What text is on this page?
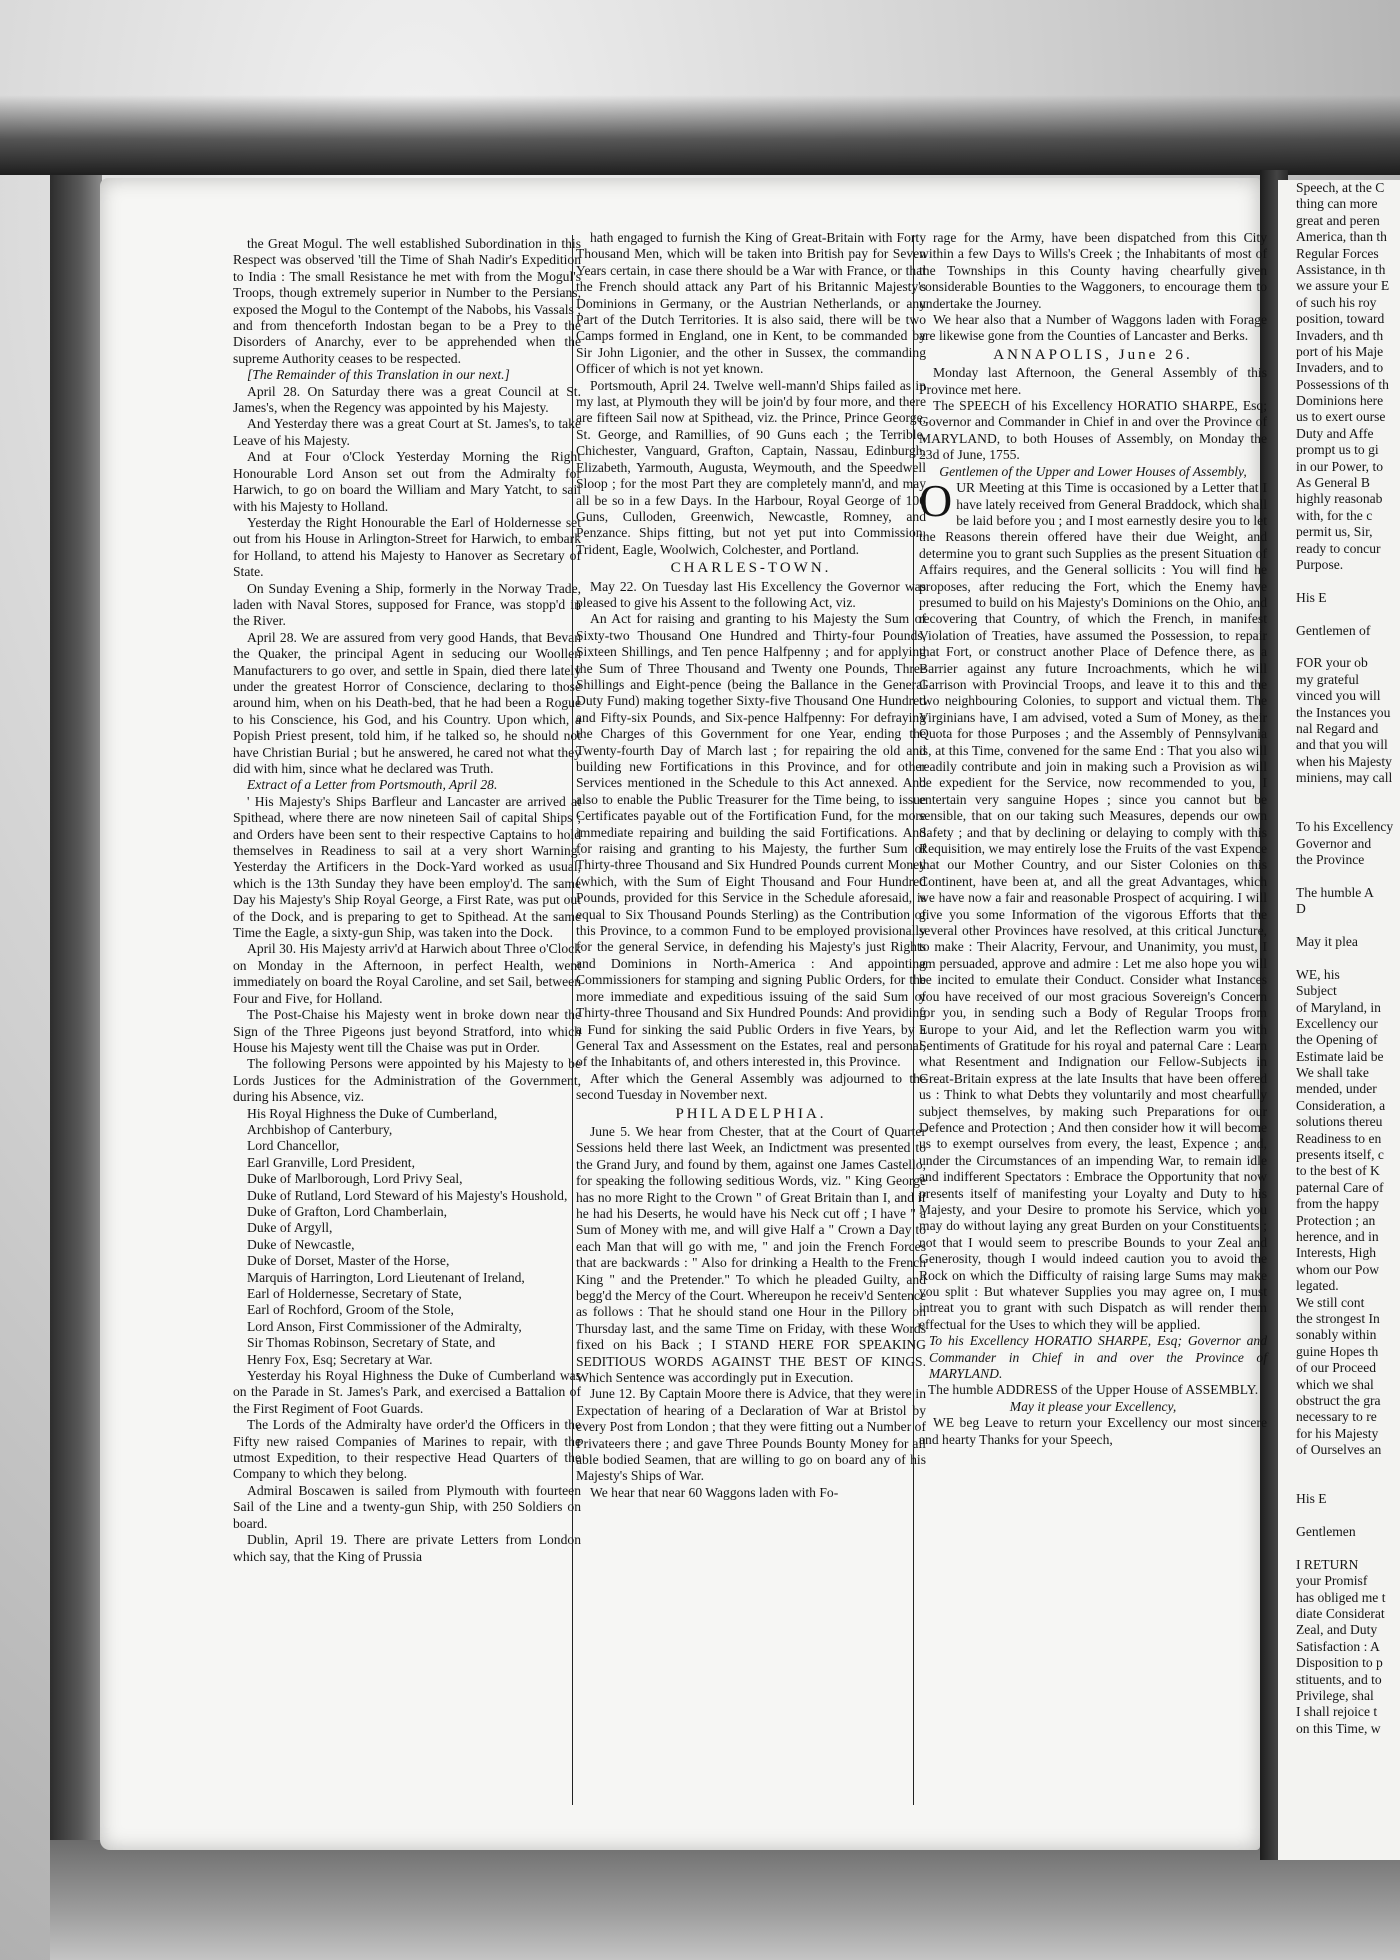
Speech, at the C
thing can more
great and peren
America, than th
Regular Forces
Assistance, in th
we assure your E
of such his roy
position, toward
Invaders, and th
port of his Maje
Invaders, and to
Possessions of th
Dominions here
us to exert ourse
Duty and Affe
prompt us to gi
in our Power, to
As General B
highly reasonab
with, for the c
permit us, Sir,
ready to concur
Purpose.
His E
Gentlemen of
FOR your ob
my grateful
vinced you will
the Instances you
nal Regard and
and that you will
when his Majesty
miniens, may call
To his Excellency
Governor and
the Province
The humble A
D
May it plea
WE, his
Subject
of Maryland, in
Excellency our
the Opening of
Estimate laid be
We shall take
mended, under
Consideration, a
solutions thereu
Readiness to en
presents itself, c
to the best of K
paternal Care of
from the happy
Protection ; an
herence, and in
Interests, High
whom our Pow
legated.
We still cont
the strongest In
sonably within
guine Hopes th
of our Proceed
which we shal
obstruct the gra
necessary to re
for his Majesty
of Ourselves an
His E
Gentlemen
I RETURN
your Promisf
has obliged me t
diate Considerat
Zeal, and Duty
Satisfaction : A
Disposition to p
stituents, and to
Privilege, shal
I shall rejoice t
on this Time, w

the Great Mogul. The well established Subordination in this Respect was observed 'till the Time of Shah Nadir's Expedition to India : The small Resistance he met with from the Mogul's Troops, though extremely superior in Number to the Persians, exposed the Mogul to the Contempt of the Nabobs, his Vassals ; and from thenceforth Indostan began to be a Prey to the Disorders of Anarchy, ever to be apprehended when the supreme Authority ceases to be respected.

[The Remainder of this Translation in our next.]

April 28. On Saturday there was a great Council at St. James's, when the Regency was appointed by his Majesty.

And Yesterday there was a great Court at St. James's, to take Leave of his Majesty.

And at Four o'Clock Yesterday Morning the Right Honourable Lord Anson set out from the Admiralty for Harwich, to go on board the William and Mary Yatcht, to sail with his Majesty to Holland.

Yesterday the Right Honourable the Earl of Holdernesse set out from his House in Arlington-Street for Harwich, to embark for Holland, to attend his Majesty to Hanover as Secretary of State.

On Sunday Evening a Ship, formerly in the Norway Trade, laden with Naval Stores, supposed for France, was stopp'd in the River.

April 28. We are assured from very good Hands, that Bevan the Quaker, the principal Agent in seducing our Woollen Manufacturers to go over, and settle in Spain, died there lately under the greatest Horror of Conscience, declaring to those around him, when on his Death-bed, that he had been a Rogue to his Conscience, his God, and his Country. Upon which, a Popish Priest present, told him, if he talked so, he should not have Christian Burial ; but he answered, he cared not what they did with him, since what he declared was Truth.

Extract of a Letter from Portsmouth, April 28.

' His Majesty's Ships Barfleur and Lancaster are arrived at Spithead, where there are now nineteen Sail of capital Ships ; and Orders have been sent to their respective Captains to hold themselves in Readiness to sail at a very short Warning. Yesterday the Artificers in the Dock-Yard worked as usual, which is the 13th Sunday they have been employ'd. The same Day his Majesty's Ship Royal George, a First Rate, was put out of the Dock, and is preparing to get to Spithead. At the same Time the Eagle, a sixty-gun Ship, was taken into the Dock.

April 30. His Majesty arriv'd at Harwich about Three o'Clock on Monday in the Afternoon, in perfect Health, went immediately on board the Royal Caroline, and set Sail, between Four and Five, for Holland.

The Post-Chaise his Majesty went in broke down near the Sign of the Three Pigeons just beyond Stratford, into which House his Majesty went till the Chaise was put in Order.

The following Persons were appointed by his Majesty to be Lords Justices for the Administration of the Government, during his Absence, viz.

His Royal Highness the Duke of Cumberland,

Archbishop of Canterbury,

Lord Chancellor,

Earl Granville, Lord President,

Duke of Marlborough, Lord Privy Seal,

Duke of Rutland, Lord Steward of his Majesty's Houshold,

Duke of Grafton, Lord Chamberlain,

Duke of Argyll,

Duke of Newcastle,

Duke of Dorset, Master of the Horse,

Marquis of Harrington, Lord Lieutenant of Ireland,

Earl of Holdernesse, Secretary of State,

Earl of Rochford, Groom of the Stole,

Lord Anson, First Commissioner of the Admiralty,

Sir Thomas Robinson, Secretary of State, and

Henry Fox, Esq; Secretary at War.

Yesterday his Royal Highness the Duke of Cumberland was on the Parade in St. James's Park, and exercised a Battalion of the First Regiment of Foot Guards.

The Lords of the Admiralty have order'd the Officers in the Fifty new raised Companies of Marines to repair, with the utmost Expedition, to their respective Head Quarters of the Company to which they belong.

Admiral Boscawen is sailed from Plymouth with fourteen Sail of the Line and a twenty-gun Ship, with 250 Soldiers on board.

Dublin, April 19. There are private Letters from London which say, that the King of Prussia

hath engaged to furnish the King of Great-Britain with Forty Thousand Men, which will be taken into British pay for Seven Years certain, in case there should be a War with France, or that the French should attack any Part of his Britannic Majesty's Dominions in Germany, or the Austrian Netherlands, or any Part of the Dutch Territories. It is also said, there will be two Camps formed in England, one in Kent, to be commanded by Sir John Ligonier, and the other in Sussex, the commanding Officer of which is not yet known.

Portsmouth, April 24. Twelve well-mann'd Ships failed as in my last, at Plymouth they will be join'd by four more, and there are fifteen Sail now at Spithead, viz. the Prince, Prince George, St. George, and Ramillies, of 90 Guns each ; the Terrible, Chichester, Vanguard, Grafton, Captain, Nassau, Edinburgh, Elizabeth, Yarmouth, Augusta, Weymouth, and the Speedwell Sloop ; for the most Part they are completely mann'd, and may all be so in a few Days. In the Harbour, Royal George of 100 Guns, Culloden, Greenwich, Newcastle, Romney, and Penzance. Ships fitting, but not yet put into Commission, Trident, Eagle, Woolwich, Colchester, and Portland.

CHARLES-TOWN.

May 22. On Tuesday last His Excellency the Governor was pleased to give his Assent to the following Act, viz.

An Act for raising and granting to his Majesty the Sum of Sixty-two Thousand One Hundred and Thirty-four Pounds, Sixteen Shillings, and Ten pence Halfpenny ; and for applying the Sum of Three Thousand and Twenty one Pounds, Three Shillings and Eight-pence (being the Ballance in the General Duty Fund) making together Sixty-five Thousand One Hundred and Fifty-six Pounds, and Six-pence Halfpenny: For defraying the Charges of this Government for one Year, ending the Twenty-fourth Day of March last ; for repairing the old and building new Fortifications in this Province, and for other Services mentioned in the Schedule to this Act annexed. And also to enable the Public Treasurer for the Time being, to issue Certificates payable out of the Fortification Fund, for the more immediate repairing and building the said Fortifications. And for raising and granting to his Majesty, the further Sum of Thirty-three Thousand and Six Hundred Pounds current Money (which, with the Sum of Eight Thousand and Four Hundred Pounds, provided for this Service in the Schedule aforesaid, is equal to Six Thousand Pounds Sterling) as the Contribution of this Province, to a common Fund to be employed provisionally for the general Service, in defending his Majesty's just Rights and Dominions in North-America : And appointing Commissioners for stamping and signing Public Orders, for the more immediate and expeditious issuing of the said Sum of Thirty-three Thousand and Six Hundred Pounds: And providing a Fund for sinking the said Public Orders in five Years, by a General Tax and Assessment on the Estates, real and personal, of the Inhabitants of, and others interested in, this Province.

After which the General Assembly was adjourned to the second Tuesday in November next.

PHILADELPHIA.

June 5. We hear from Chester, that at the Court of Quarter Sessions held there last Week, an Indictment was presented to the Grand Jury, and found by them, against one James Castello, for speaking the following seditious Words, viz. " King George has no more Right to the Crown " of Great Britain than I, and if he had his Deserts, he would have his Neck cut off ; I have " a Sum of Money with me, and will give Half a " Crown a Day to each Man that will go with me, " and join the French Forces that are backwards : " Also for drinking a Health to the French King " and the Pretender." To which he pleaded Guilty, and begg'd the Mercy of the Court. Whereupon he receiv'd Sentence as follows : That he should stand one Hour in the Pillory on Thursday last, and the same Time on Friday, with these Words fixed on his Back ; I STAND HERE FOR SPEAKING SEDITIOUS WORDS AGAINST THE BEST OF KINGS. Which Sentence was accordingly put in Execution.

June 12. By Captain Moore there is Advice, that they were in Expectation of hearing of a Declaration of War at Bristol by every Post from London ; that they were fitting out a Number of Privateers there ; and gave Three Pounds Bounty Money for all able bodied Seamen, that are willing to go on board any of his Majesty's Ships of War.

We hear that near 60 Waggons laden with Fo-

rage for the Army, have been dispatched from this City within a few Days to Wills's Creek ; the Inhabitants of most of the Townships in this County having chearfully given considerable Bounties to the Waggoners, to encourage them to undertake the Journey.

We hear also that a Number of Waggons laden with Forage are likewise gone from the Counties of Lancaster and Berks.

ANNAPOLIS, June 26.

Monday last Afternoon, the General Assembly of this Province met here.

The SPEECH of his Excellency HORATIO SHARPE, Esq; Governor and Commander in Chief in and over the Province of MARYLAND, to both Houses of Assembly, on Monday the 23d of June, 1755.

Gentlemen of the Upper and Lower Houses of Assembly,

OUR Meeting at this Time is occasioned by a Letter that I have lately received from General Braddock, which shall be laid before you ; and I most earnestly desire you to let the Reasons therein offered have their due Weight, and determine you to grant such Supplies as the present Situation of Affairs requires, and the General sollicits : You will find he proposes, after reducing the Fort, which the Enemy have presumed to build on his Majesty's Dominions on the Ohio, and recovering that Country, of which the French, in manifest Violation of Treaties, have assumed the Possession, to repair that Fort, or construct another Place of Defence there, as a Barrier against any future Incroachments, which he will Garrison with Provincial Troops, and leave it to this and the two neighbouring Colonies, to support and victual them. The Virginians have, I am advised, voted a Sum of Money, as their Quota for those Purposes ; and the Assembly of Pennsylvania is, at this Time, convened for the same End : That you also will readily contribute and join in making such a Provision as will be expedient for the Service, now recommended to you, I entertain very sanguine Hopes ; since you cannot but be sensible, that on our taking such Measures, depends our own Safety ; and that by declining or delaying to comply with this Requisition, we may entirely lose the Fruits of the vast Expence that our Mother Country, and our Sister Colonies on this Continent, have been at, and all the great Advantages, which we have now a fair and reasonable Prospect of acquiring. I will give you some Information of the vigorous Efforts that the several other Provinces have resolved, at this critical Juncture, to make : Their Alacrity, Fervour, and Unanimity, you must, I am persuaded, approve and admire : Let me also hope you will be incited to emulate their Conduct. Consider what Instances you have received of our most gracious Sovereign's Concern for you, in sending such a Body of Regular Troops from Europe to your Aid, and let the Reflection warm you with Sentiments of Gratitude for his royal and paternal Care : Learn what Resentment and Indignation our Fellow-Subjects in Great-Britain express at the late Insults that have been offered us : Think to what Debts they voluntarily and most chearfully subject themselves, by making such Preparations for our Defence and Protection ; And then consider how it will become us to exempt ourselves from every, the least, Expence ; and, under the Circumstances of an impending War, to remain idle and indifferent Spectators : Embrace the Opportunity that now presents itself of manifesting your Loyalty and Duty to his Majesty, and your Desire to promote his Service, which you may do without laying any great Burden on your Constituents ; not that I would seem to prescribe Bounds to your Zeal and Generosity, though I would indeed caution you to avoid the Rock on which the Difficulty of raising large Sums may make you split : But whatever Supplies you may agree on, I must intreat you to grant with such Dispatch as will render them effectual for the Uses to which they will be applied.

To his Excellency HORATIO SHARPE, Esq; Governor and Commander in Chief in and over the Province of MARYLAND.

The humble ADDRESS of the Upper House of ASSEMBLY.

May it please your Excellency,

WE beg Leave to return your Excellency our most sincere and hearty Thanks for your Speech,
